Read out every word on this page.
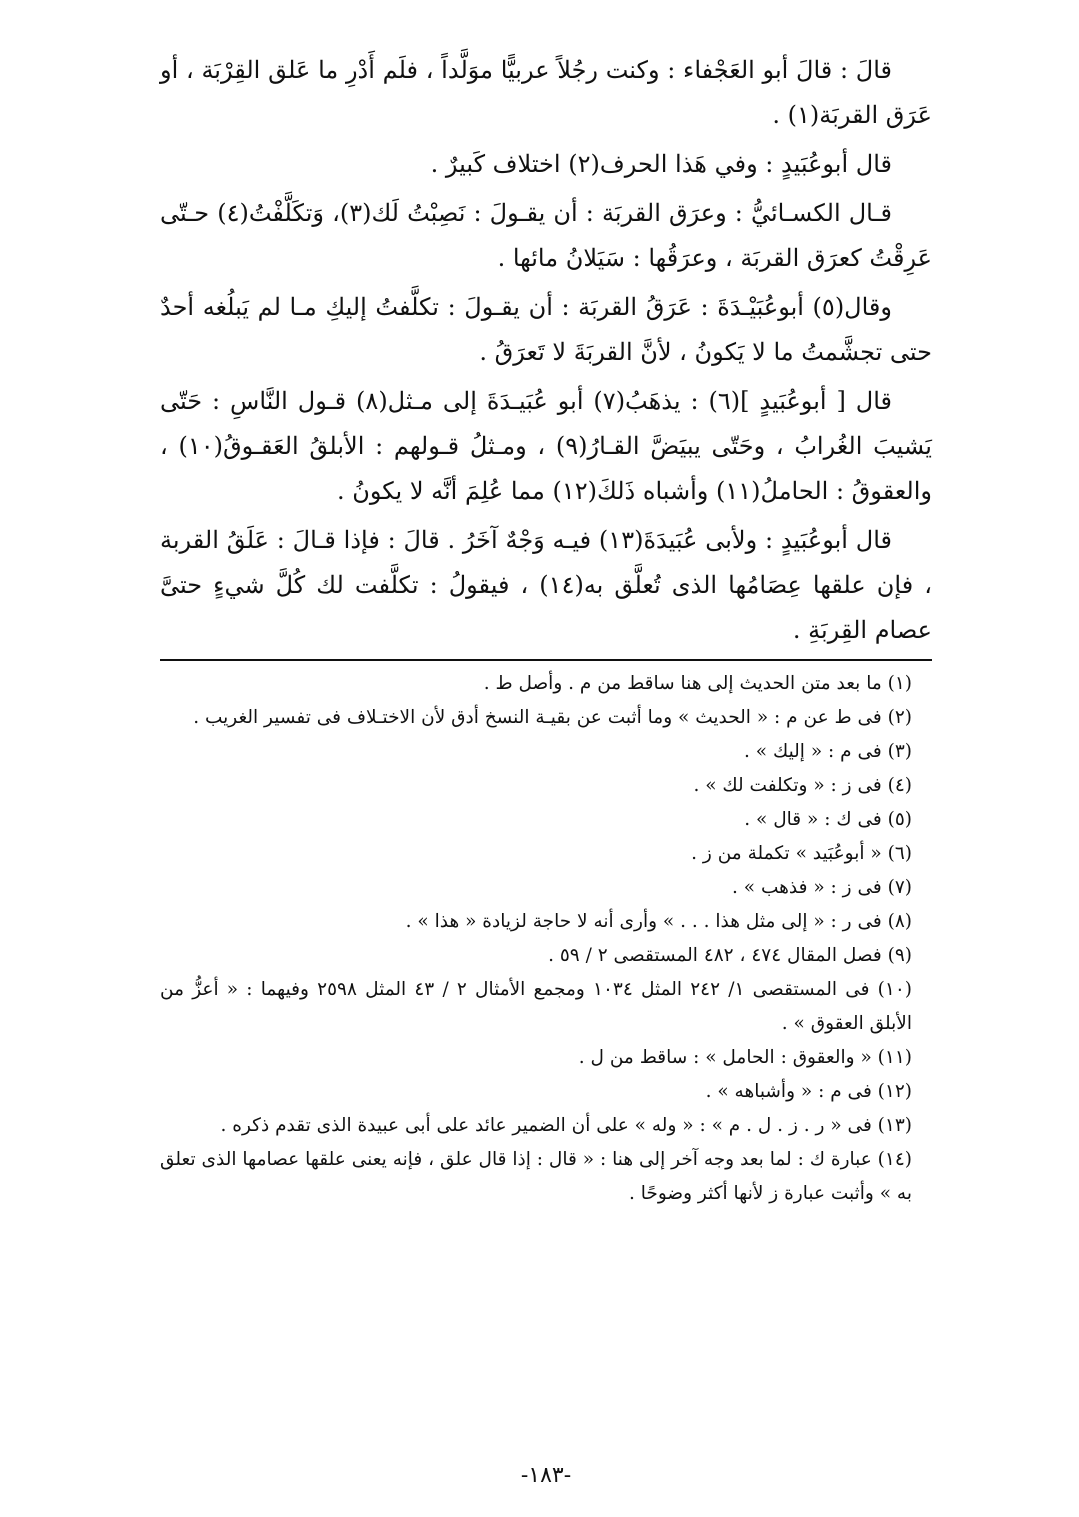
قالَ : قالَ أبو العَجْفاء : وكنت رجُلاً عربيًّا موَلَّداً ، فلَم أَدْرِ ما عَلق القِرْبَة ، أو عَرَق القربَة(١) .

قال أبوعُبَيدٍ : وفي هَذا الحرف(٢) اختلاف كَبيرٌ .

قـال الكسـائيُّ : وعرَق القربَة : أن يقـولَ : نَصِبْتُ لَك(٣)، وَتكَلَّفْتُ(٤) حـتّى عَرِقْتُ كعرَق القربَة ، وعرَقُها : سَيَلانُ مائها .

وقال(٥) أبوعُبَيْـدَةَ : عَرَقُ القربَة : أن يقـولَ : تكلَّفتُ إليكِ مـا لم يَبلُغه أحدٌ حتى تجشَّمتُ ما لا يَكونُ ، لأنَّ القربَةَ لا تَعرَقُ .

قال [ أبوعُبَيدٍ ](٦) : يذهَبُ(٧) أبو عُبَيـدَةَ إلى مـثل(٨) قـول النَّاسِ : حَتّى يَشيبَ الغُرابُ ، وحَتّى يبيَضَّ القـارُ(٩) ، ومـثلُ قـولهم : الأبلقُ العَقـوقُ(١٠) ، والعقوقُ : الحاملُ(١١) وأشباه ذَلكَ(١٢) مما عُلِمَ أنَّه لا يكونُ .

قال أبوعُبَيدٍ : ولأبى عُبَيدَةَ(١٣) فيـه وَجْهٌ آخَرُ . قالَ : فإذا قـالَ : عَلَقُ القربة ، فإن علقها عِصَامُها الذى تُعلَّق به(١٤) ، فيقولُ : تكلَّفت لك كُلَّ شيءٍ حتىَّ عصام القِربَةِ .

(١) ما بعد متن الحديث إلى هنا ساقط من م . وأصل ط .
(٢) فى ط عن م : « الحديث » وما أثبت عن بقيـة النسخ أدق لأن الاختـلاف فى تفسير الغريب .
(٣) فى م : « إليك » .
(٤) فى ز : « وتكلفت لك » .
(٥) فى ك : « قال » .
(٦) « أبوعُبَيد » تكملة من ز .
(٧) فى ز : « فذهب » .
(٨) فى ر : « إلى مثل هذا . . . » وأرى أنه لا حاجة لزيادة « هذا » .
(٩) فصل المقال ٤٧٤ ، ٤٨٢ المستقصى ٢ / ٥٩ .
(١٠) فى المستقصى ١/ ٢٤٢ المثل ١٠٣٤ ومجمع الأمثال ٢ / ٤٣ المثل ٢٥٩٨ وفيهما : « أعزُّ من الأبلق العقوق » .
(١١) « والعقوق : الحامل » : ساقط من ل .
(١٢) فى م : « وأشباهه » .
(١٣) فى « ر . ز . ل . م » : « وله » على أن الضمير عائد على أبى عبيدة الذى تقدم ذكره .
(١٤) عبارة ك : لما بعد وجه آخر إلى هنا : « قال : إذا قال علق ، فإنه يعنى علقها عصامها الذى تعلق به » وأثبت عبارة ز لأنها أكثر وضوحًا .
-١٨٣-
